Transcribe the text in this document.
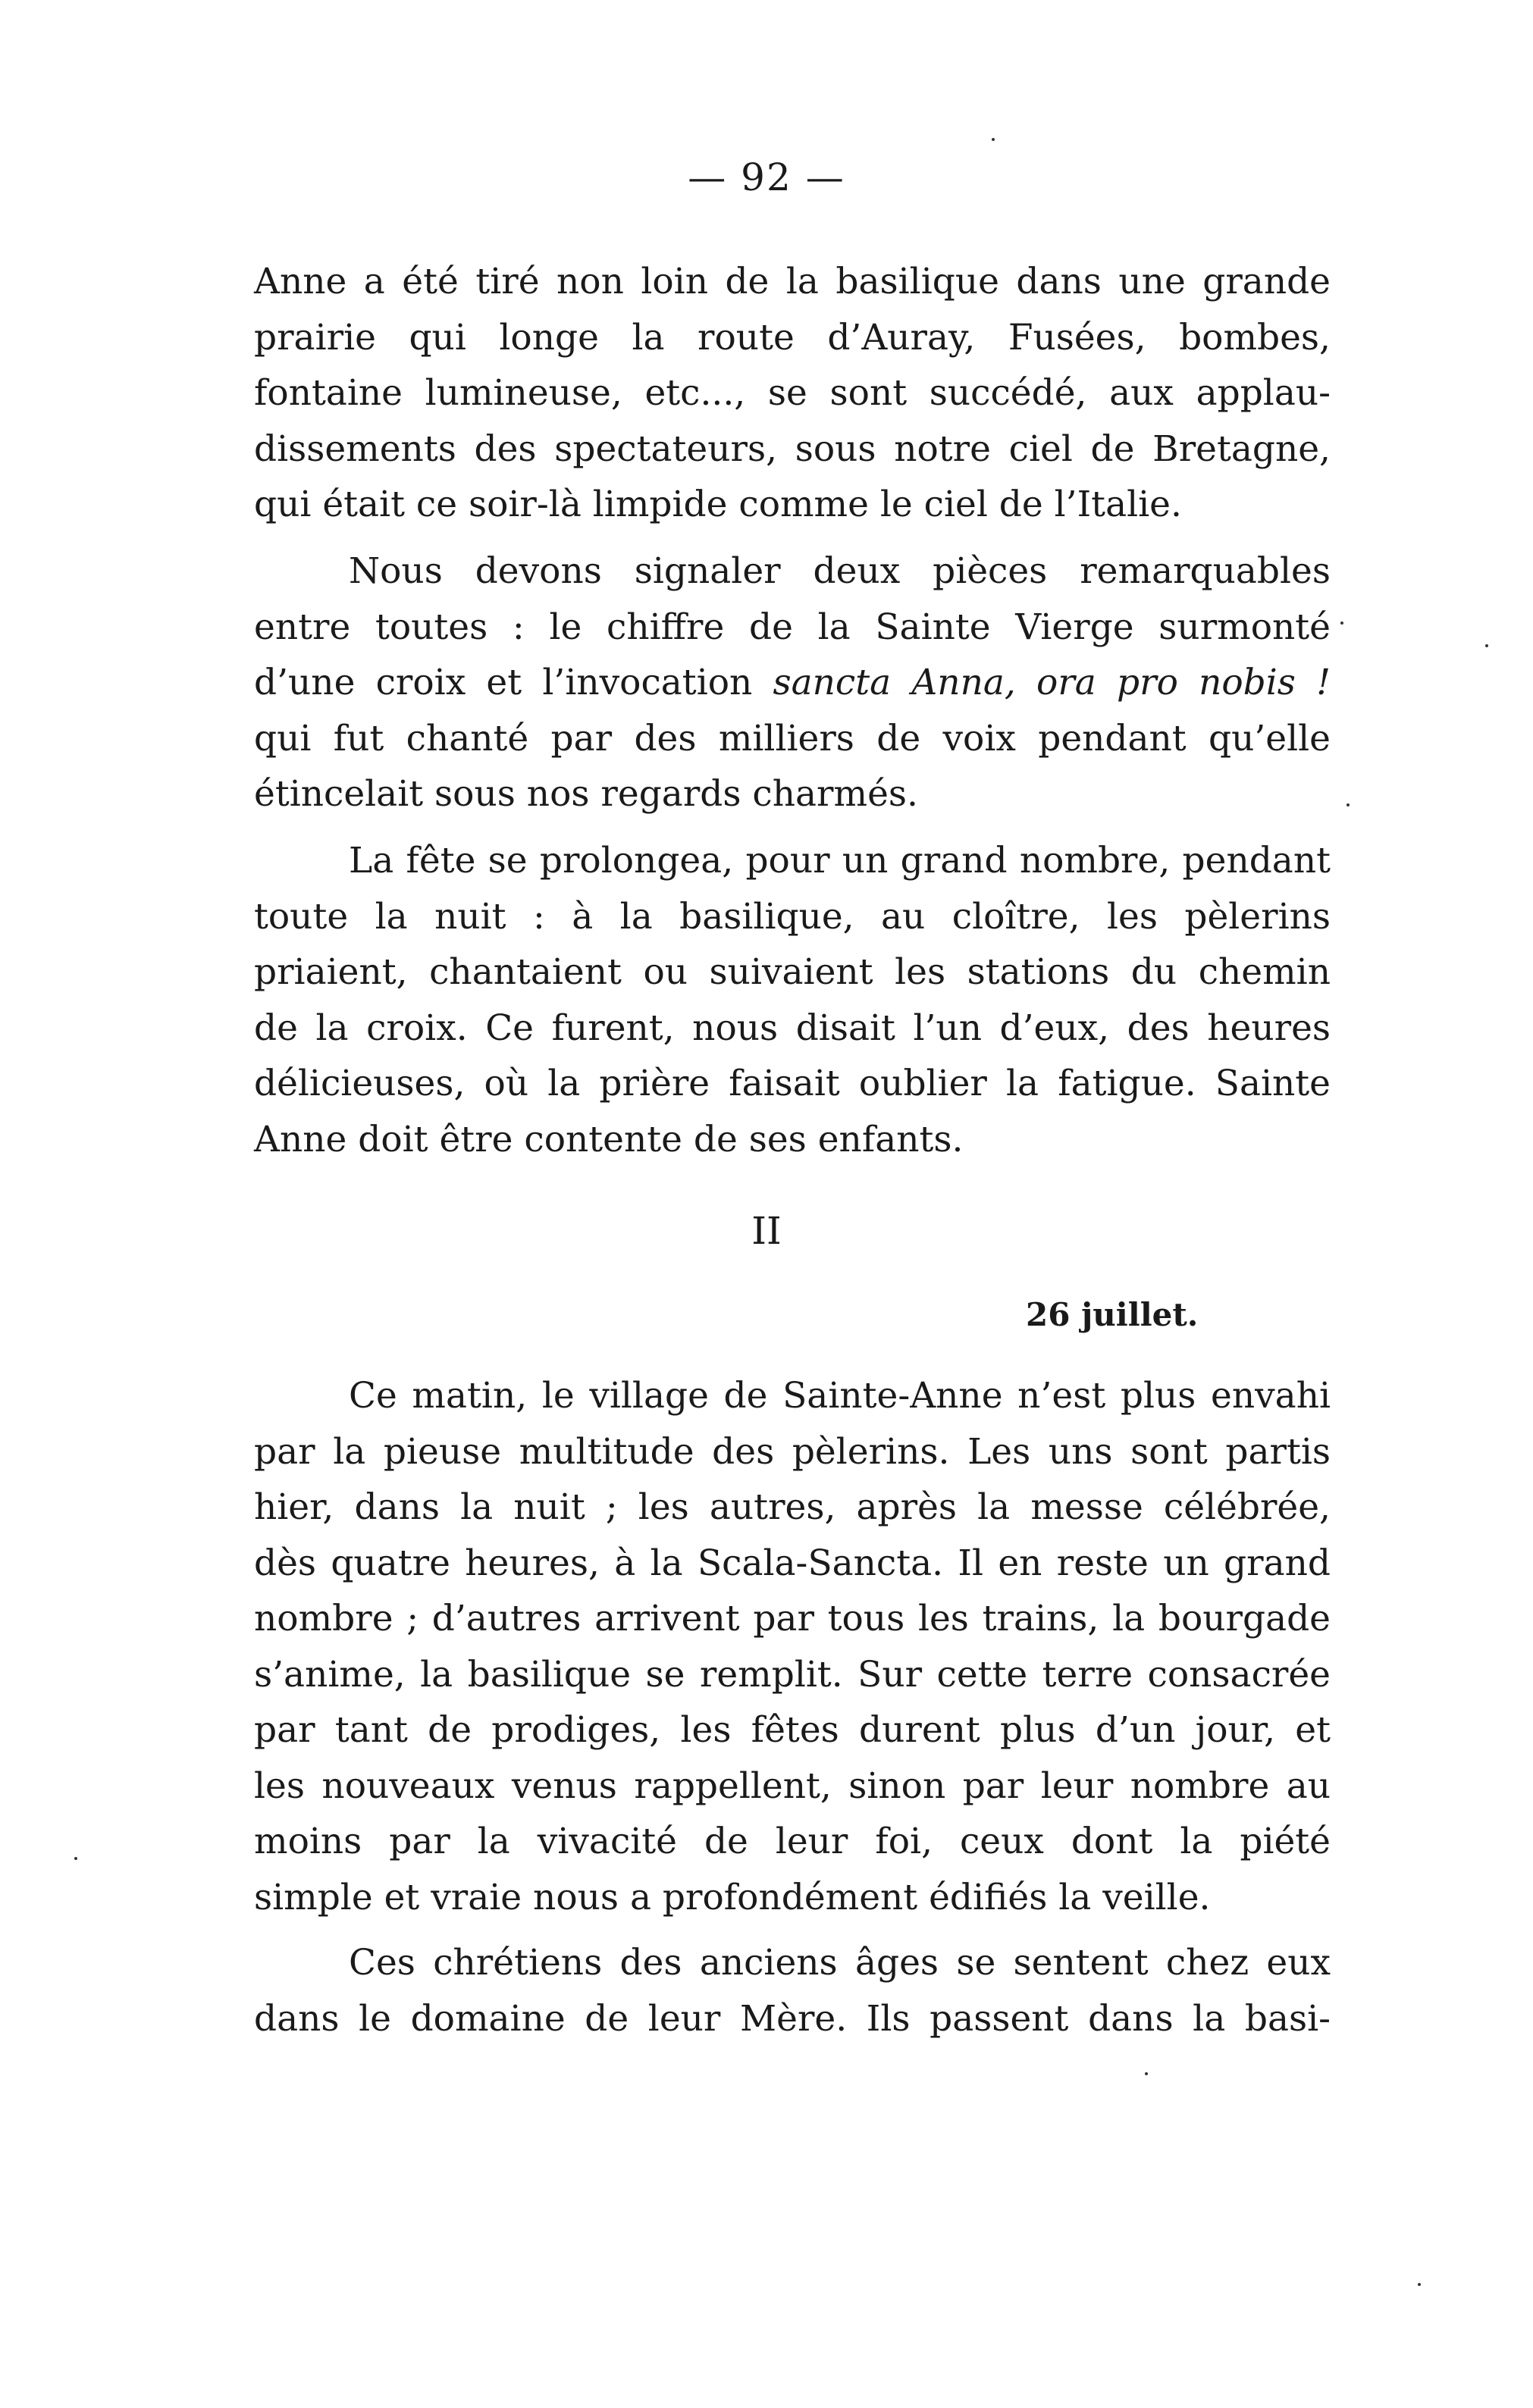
— 92 —
Anne a été tiré non loin de la basilique dans une grande
prairie qui longe la route d’Auray, Fusées, bombes,
fontaine lumineuse, etc..., se sont succédé, aux applau-
dissements des spectateurs, sous notre ciel de Bretagne,
qui était ce soir-là limpide comme le ciel de l’Italie.
Nous devons signaler deux pièces remarquables
entre toutes : le chiffre de la Sainte Vierge surmonté
d’une croix et l’invocation sancta Anna, ora pro nobis !
qui fut chanté par des milliers de voix pendant qu’elle
étincelait sous nos regards charmés.
La fête se prolongea, pour un grand nombre, pendant
toute la nuit : à la basilique, au cloître, les pèlerins
priaient, chantaient ou suivaient les stations du chemin
de la croix. Ce furent, nous disait l’un d’eux, des heures
délicieuses, où la prière faisait oublier la fatigue. Sainte
Anne doit être contente de ses enfants.
II
26 juillet.
Ce matin, le village de Sainte-Anne n’est plus envahi
par la pieuse multitude des pèlerins. Les uns sont partis
hier, dans la nuit ; les autres, après la messe célébrée,
dès quatre heures, à la Scala-Sancta. Il en reste un grand
nombre ; d’autres arrivent par tous les trains, la bourgade
s’anime, la basilique se remplit. Sur cette terre consacrée
par tant de prodiges, les fêtes durent plus d’un jour, et
les nouveaux venus rappellent, sinon par leur nombre au
moins par la vivacité de leur foi, ceux dont la piété
simple et vraie nous a profondément édifiés la veille.
Ces chrétiens des anciens âges se sentent chez eux
dans le domaine de leur Mère. Ils passent dans la basi-
